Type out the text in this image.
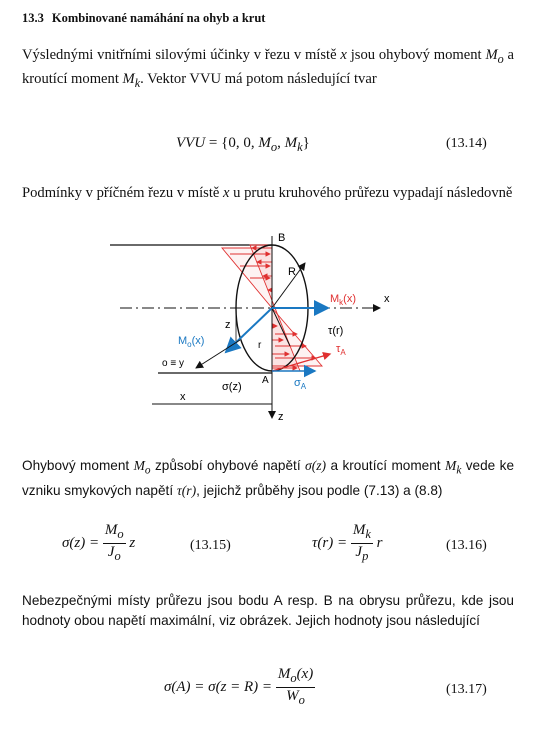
13.3 Kombinované namáhání na ohyb a krut
Výslednými vnitřními silovými účinky v řezu v místě x jsou ohybový moment $M_o$ a kroutící moment $M_k$. Vektor VVU má potom následující tvar
VVU = {0, 0, $M_o$, $M_k$}	(13.14)
Podmínky v příčném řezu v místě x u prutu kruhového průřezu vypadají následovně
B
R
$M_k(x)$	x
z
r
τ(r)
$M_o(x)$
$\tau_A$
o ≡ y
A $\sigma_A$
σ(z)
x
z
Ohybový moment $M_o$ způsobí ohybové napětí σ(z) a kroutící moment $M_k$ vede ke vzniku smykových napětí τ(r), jejichž průběhy jsou podle (7.13) a (8.8)
$\sigma(z) = \frac{M_o}{J_o}$ z	(13.15)	$\tau(r) = \frac{M_k}{J_p}$ r	(13.16)
Nebezpečnými místy průřezu jsou bodu A resp. B na obrysu průřezu, kde jsou hodnoty obou napětí maximální, viz obrázek. Jejich hodnoty jsou následující
$\sigma(A) = \sigma(z = R) = \frac{M_o(x)}{W_o}$	(13.17)
